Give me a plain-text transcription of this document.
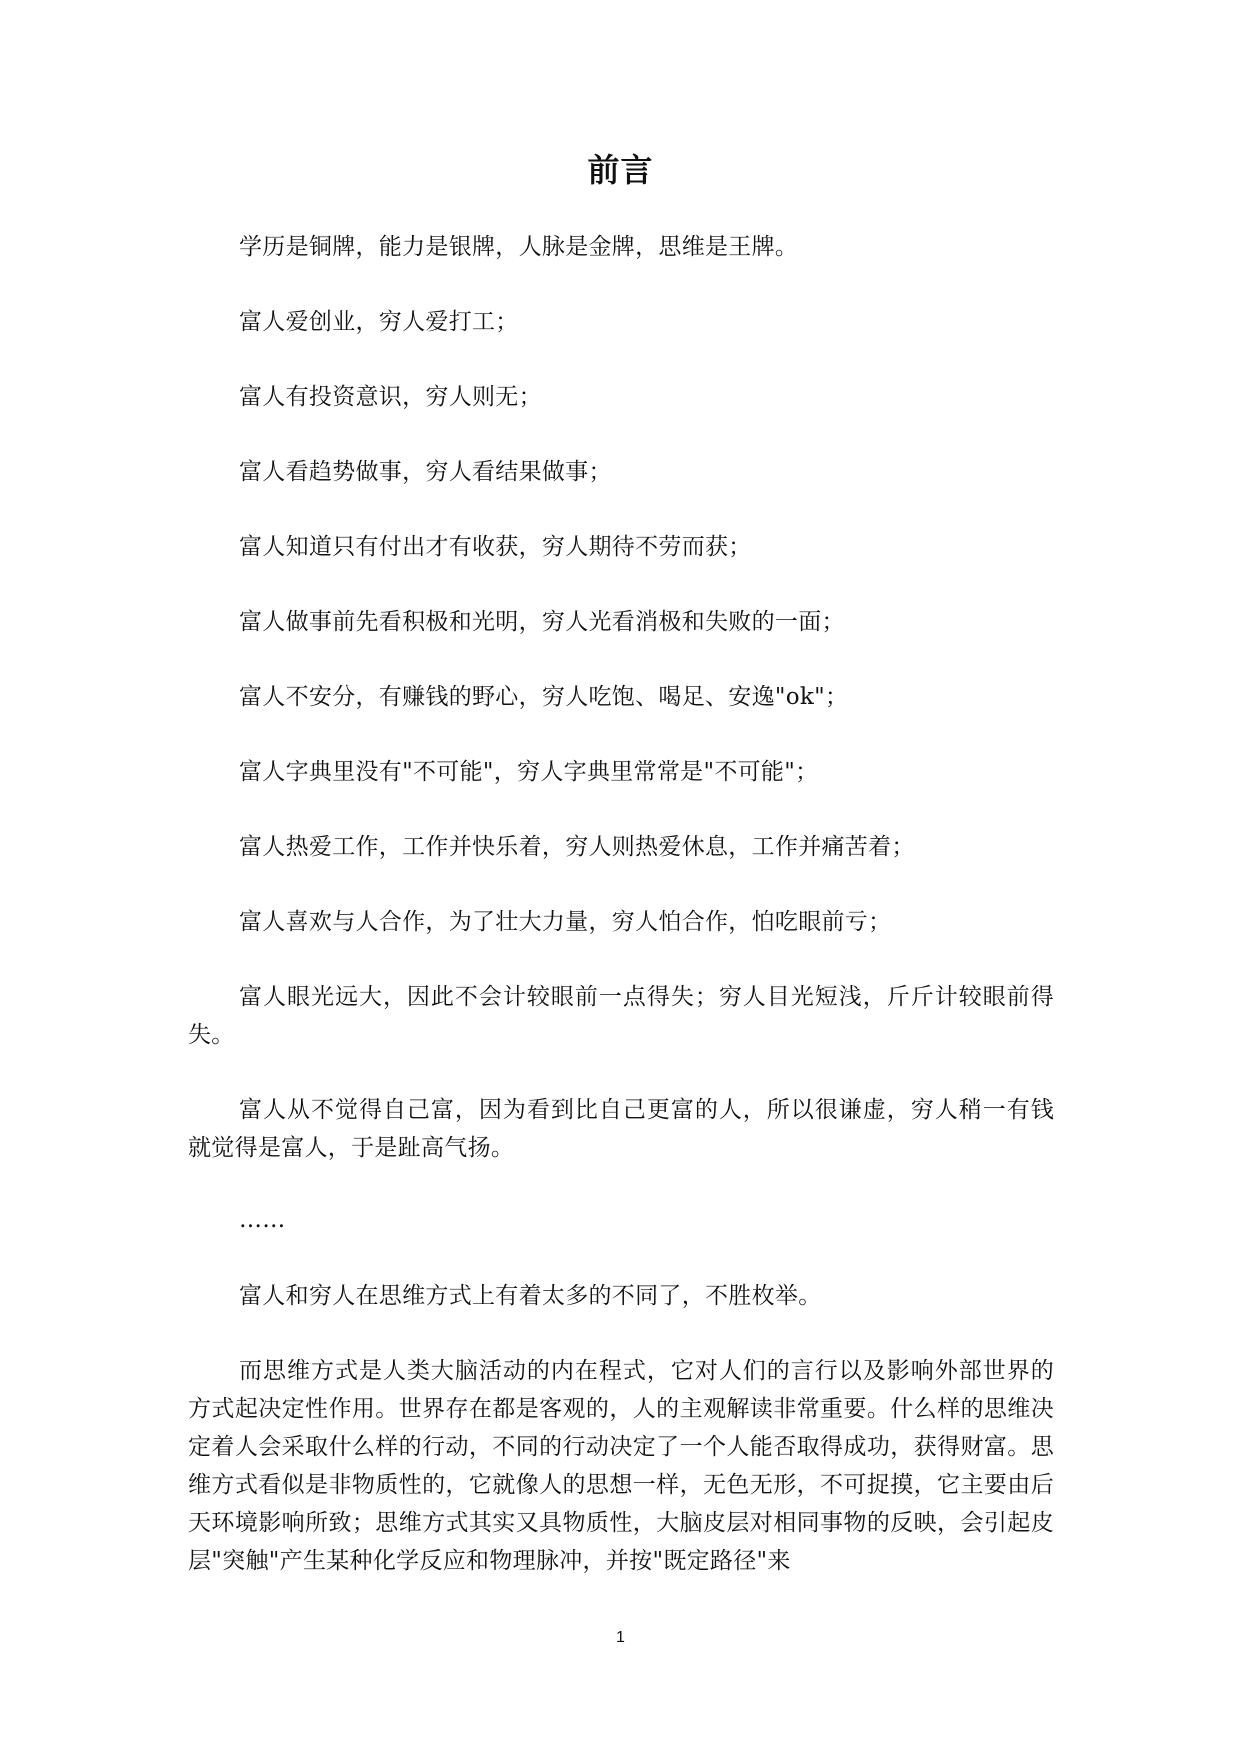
前言

学历是铜牌，能力是银牌，人脉是金牌，思维是王牌。

富人爱创业，穷人爱打工；

富人有投资意识，穷人则无；

富人看趋势做事，穷人看结果做事；

富人知道只有付出才有收获，穷人期待不劳而获；

富人做事前先看积极和光明，穷人光看消极和失败的一面；

富人不安分，有赚钱的野心，穷人吃饱、喝足、安逸"ok"；

富人字典里没有"不可能"，穷人字典里常常是"不可能"；

富人热爱工作，工作并快乐着，穷人则热爱休息，工作并痛苦着；

富人喜欢与人合作，为了壮大力量，穷人怕合作，怕吃眼前亏；

富人眼光远大，因此不会计较眼前一点得失；穷人目光短浅，斤斤计较眼前得失。

富人从不觉得自己富，因为看到比自己更富的人，所以很谦虚，穷人稍一有钱就觉得是富人，于是趾高气扬。

……

富人和穷人在思维方式上有着太多的不同了，不胜枚举。

而思维方式是人类大脑活动的内在程式，它对人们的言行以及影响外部世界的方式起决定性作用。世界存在都是客观的，人的主观解读非常重要。什么样的思维决定着人会采取什么样的行动，不同的行动决定了一个人能否取得成功，获得财富。思维方式看似是非物质性的，它就像人的思想一样，无色无形，不可捉摸，它主要由后天环境影响所致；思维方式其实又具物质性，大脑皮层对相同事物的反映，会引起皮层"突触"产生某种化学反应和物理脉冲，并按"既定路径"来

1
